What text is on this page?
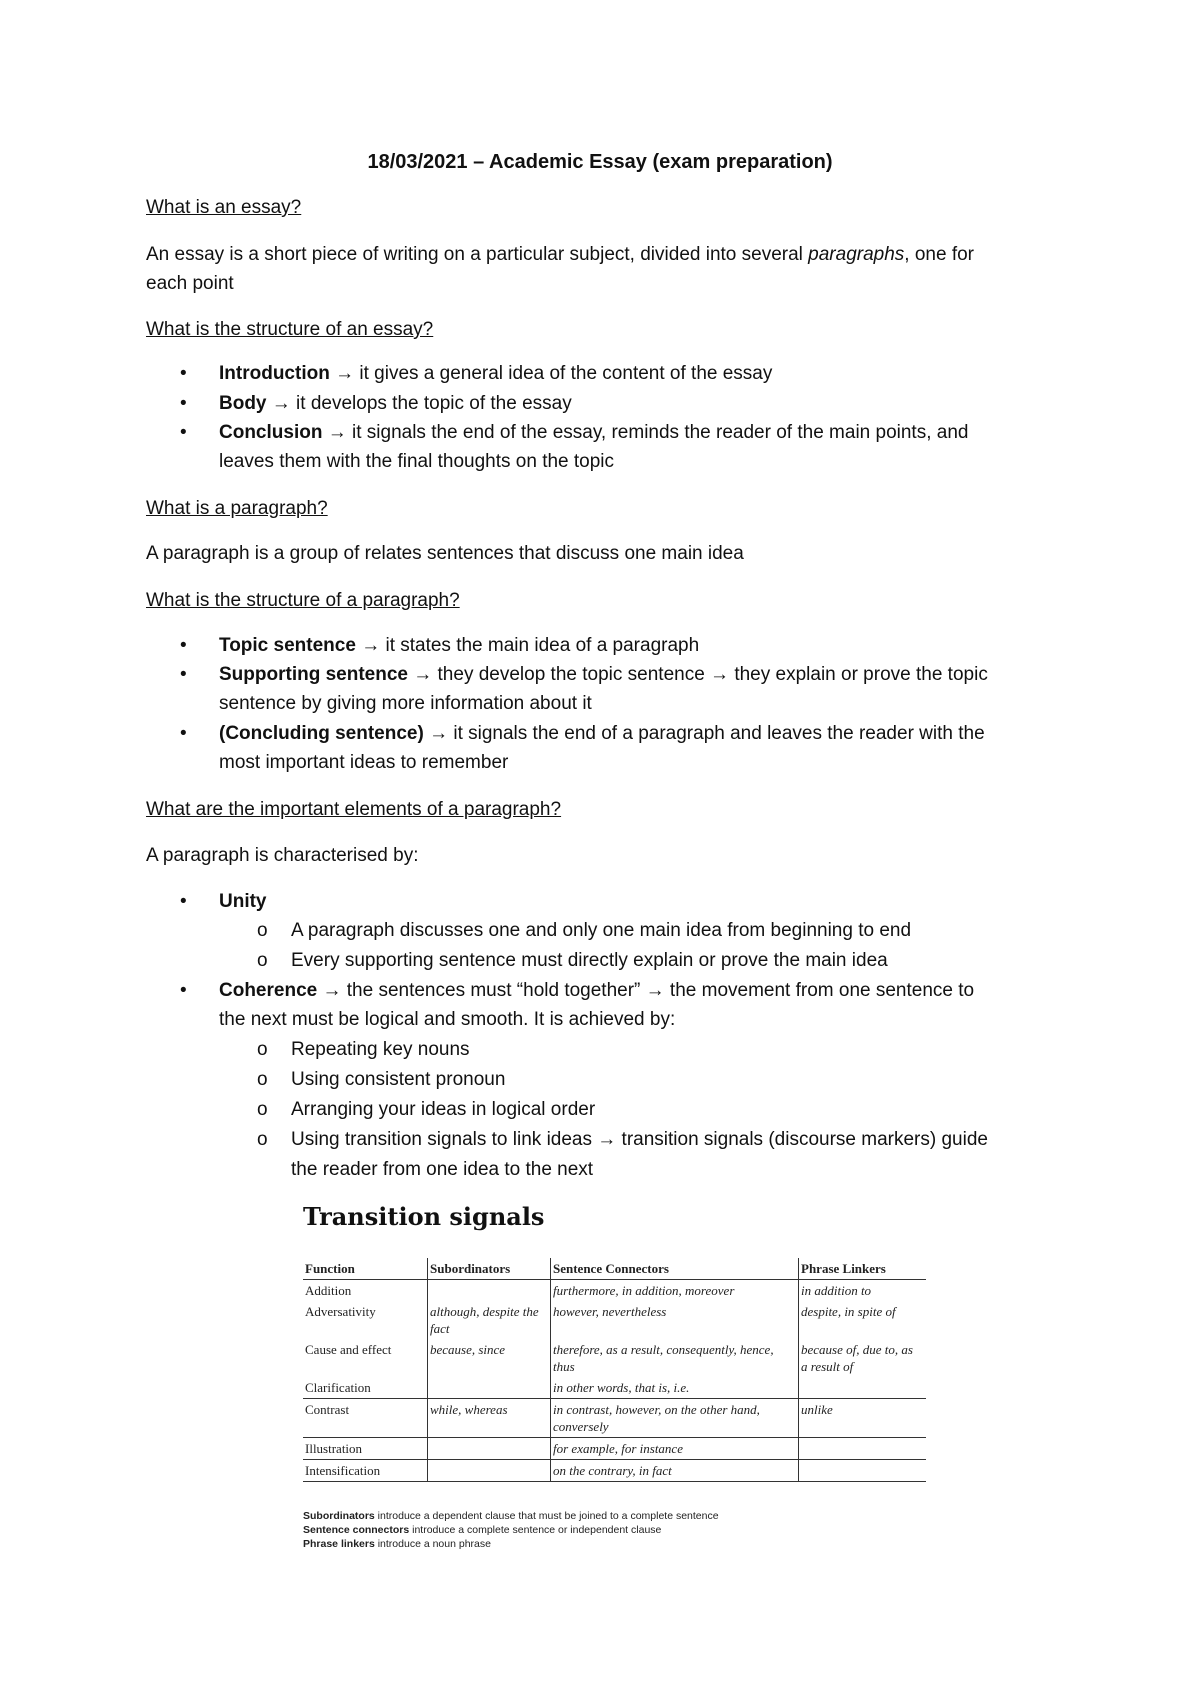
18/03/2021 – Academic Essay (exam preparation)

What is an essay?

An essay is a short piece of writing on a particular subject, divided into several paragraphs, one for

each point

What is the structure of an essay?

• Introduction → it gives a general idea of the content of the essay
• Body → it develops the topic of the essay
• Conclusion → it signals the end of the essay, reminds the reader of the main points, and
leaves them with the final thoughts on the topic

What is a paragraph?

A paragraph is a group of relates sentences that discuss one main idea

What is the structure of a paragraph?

• Topic sentence → it states the main idea of a paragraph
• Supporting sentence → they develop the topic sentence → they explain or prove the topic
sentence by giving more information about it
• (Concluding sentence) → it signals the end of a paragraph and leaves the reader with the
most important ideas to remember

What are the important elements of a paragraph?

A paragraph is characterised by:

• Unity
o A paragraph discusses one and only one main idea from beginning to end
o Every supporting sentence must directly explain or prove the main idea
• Coherence → the sentences must “hold together” → the movement from one sentence to
the next must be logical and smooth. It is achieved by:
o Repeating key nouns
o Using consistent pronoun
o Arranging your ideas in logical order
o Using transition signals to link ideas → transition signals (discourse markers) guide
the reader from one idea to the next
Transition signals
Function	Subordinators	Sentence Connectors	Phrase Linkers
Addition		furthermore, in addition, moreover	in addition to
Adversativity	although, despite the fact	however, nevertheless	despite, in spite of
Cause and effect	because, since	therefore, as a result, consequently, hence, thus	because of, due to, as a result of
Clarification		in other words, that is, i.e.	
Contrast	while, whereas	in contrast, however, on the other hand, conversely	unlike
Illustration		for example, for instance	
Intensification		on the contrary, in fact	
Subordinators introduce a dependent clause that must be joined to a complete sentence
Sentence connectors introduce a complete sentence or independent clause
Phrase linkers introduce a noun phrase
